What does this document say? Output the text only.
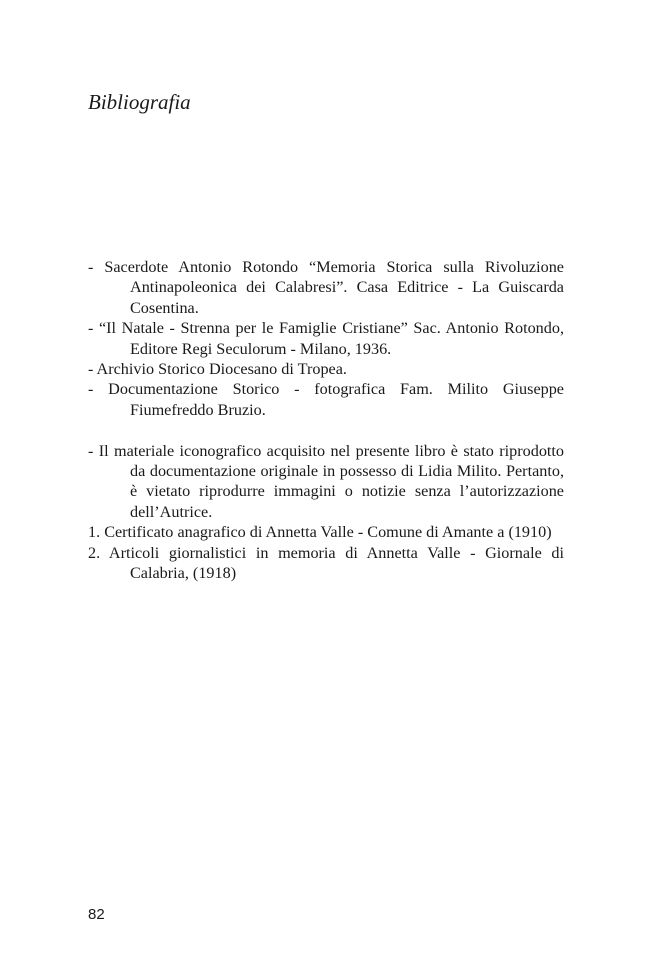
Bibliografia

- Sacerdote Antonio Rotondo “Memoria Storica sulla Rivoluzione Antinapoleonica dei Calabresi”. Casa Editrice - La Guiscarda Cosentina.

- “Il Natale - Strenna per le Famiglie Cristiane” Sac. Antonio Rotondo, Editore Regi Seculorum - Milano, 1936.

- Archivio Storico Diocesano di Tropea.

- Documentazione Storico - fotografica Fam. Milito Giuseppe Fiumefreddo Bruzio.

- Il materiale iconografico acquisito nel presente libro è stato riprodotto da documentazione originale in possesso di Lidia Milito. Pertanto, è vietato riprodurre immagini o notizie senza l’autorizzazione dell’Autrice.

1. Certificato anagrafico di Annetta Valle - Comune di Amante a (1910)

2. Articoli giornalistici in memoria di Annetta Valle - Giornale di Calabria, (1918)

82
